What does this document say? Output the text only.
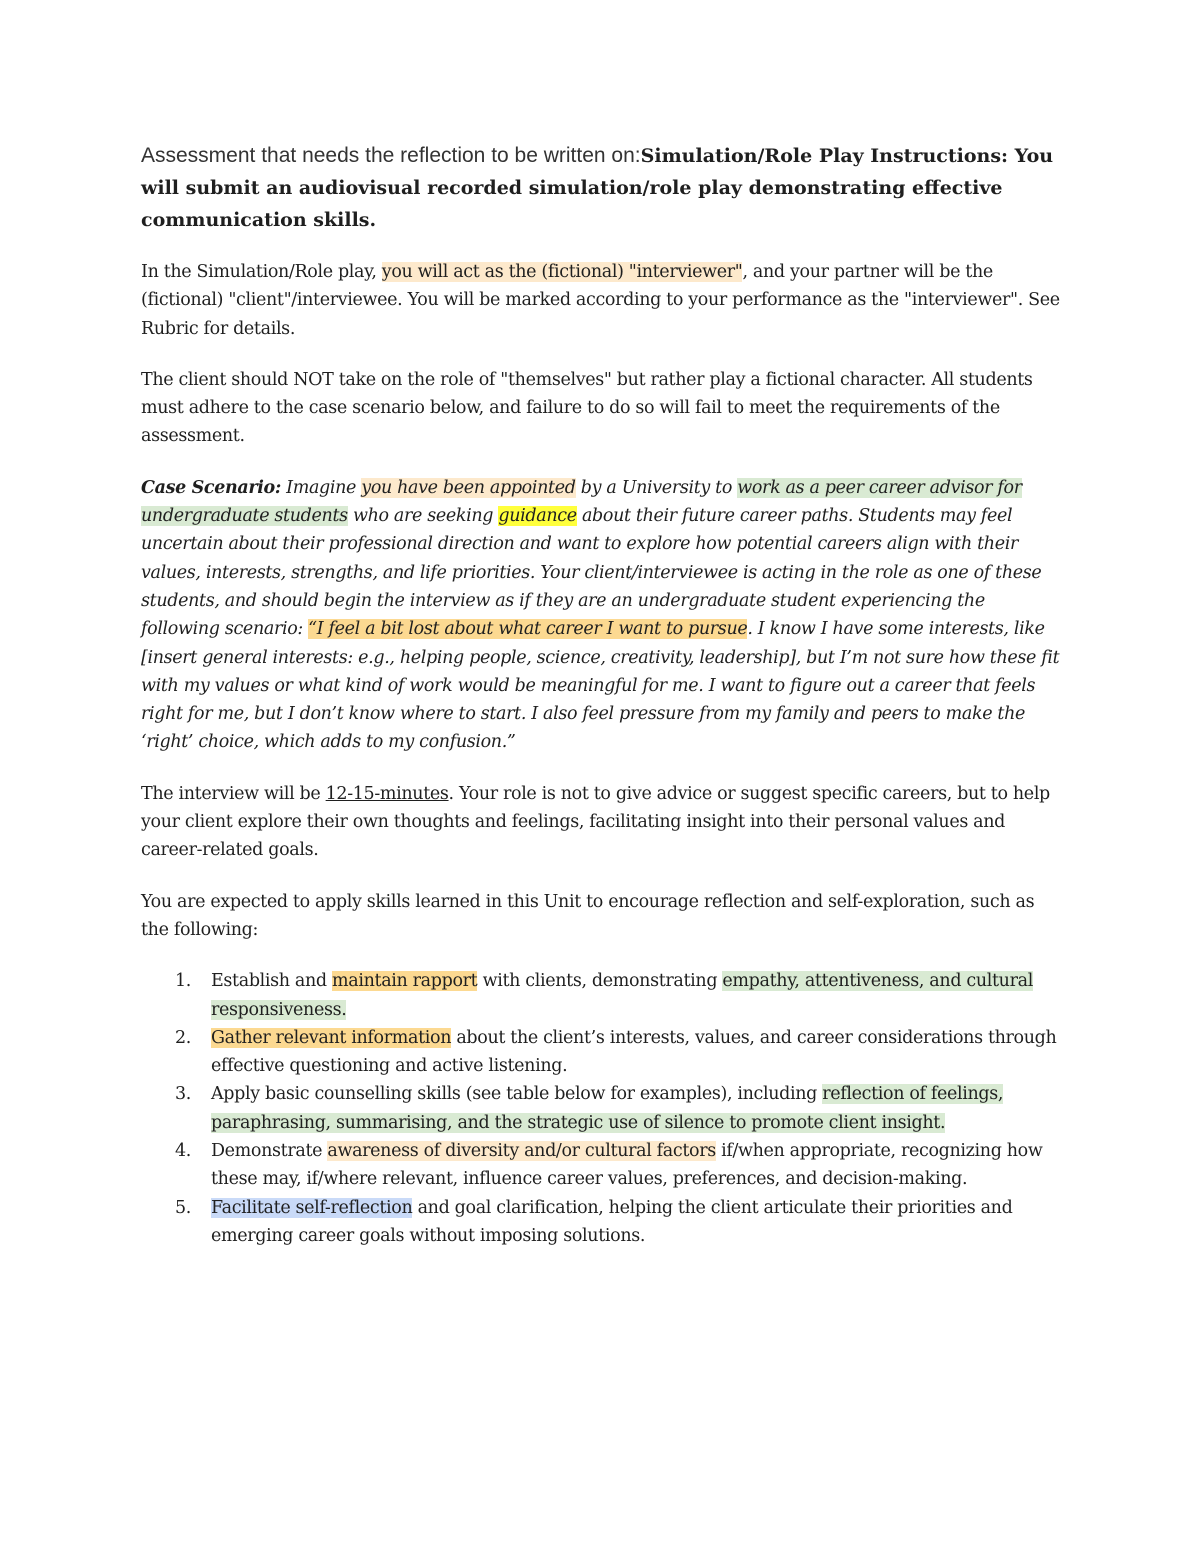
Assessment that needs the reflection to be written on:Simulation/Role Play Instructions: You will submit an audiovisual recorded simulation/role play demonstrating effective communication skills.

In the Simulation/Role play, you will act as the (fictional) "interviewer", and your partner will be the (fictional) "client"/interviewee. You will be marked according to your performance as the "interviewer". See Rubric for details.

The client should NOT take on the role of "themselves" but rather play a fictional character. All students must adhere to the case scenario below, and failure to do so will fail to meet the requirements of the assessment.

Case Scenario: Imagine you have been appointed by a University to work as a peer career advisor for undergraduate students who are seeking guidance about their future career paths. Students may feel uncertain about their professional direction and want to explore how potential careers align with their values, interests, strengths, and life priorities. Your client/interviewee is acting in the role as one of these students, and should begin the interview as if they are an undergraduate student experiencing the following scenario: “I feel a bit lost about what career I want to pursue. I know I have some interests, like [insert general interests: e.g., helping people, science, creativity, leadership], but I’m not sure how these fit with my values or what kind of work would be meaningful for me. I want to figure out a career that feels right for me, but I don’t know where to start. I also feel pressure from my family and peers to make the ‘right’ choice, which adds to my confusion.”

The interview will be 12-15-minutes. Your role is not to give advice or suggest specific careers, but to help your client explore their own thoughts and feelings, facilitating insight into their personal values and career-related goals.

You are expected to apply skills learned in this Unit to encourage reflection and self-exploration, such as the following:

1. Establish and maintain rapport with clients, demonstrating empathy, attentiveness, and cultural responsiveness.
2. Gather relevant information about the client’s interests, values, and career considerations through effective questioning and active listening.
3. Apply basic counselling skills (see table below for examples), including reflection of feelings, paraphrasing, summarising, and the strategic use of silence to promote client insight.
4. Demonstrate awareness of diversity and/or cultural factors if/when appropriate, recognizing how these may, if/where relevant, influence career values, preferences, and decision-making.
5. Facilitate self-reflection and goal clarification, helping the client articulate their priorities and emerging career goals without imposing solutions.
